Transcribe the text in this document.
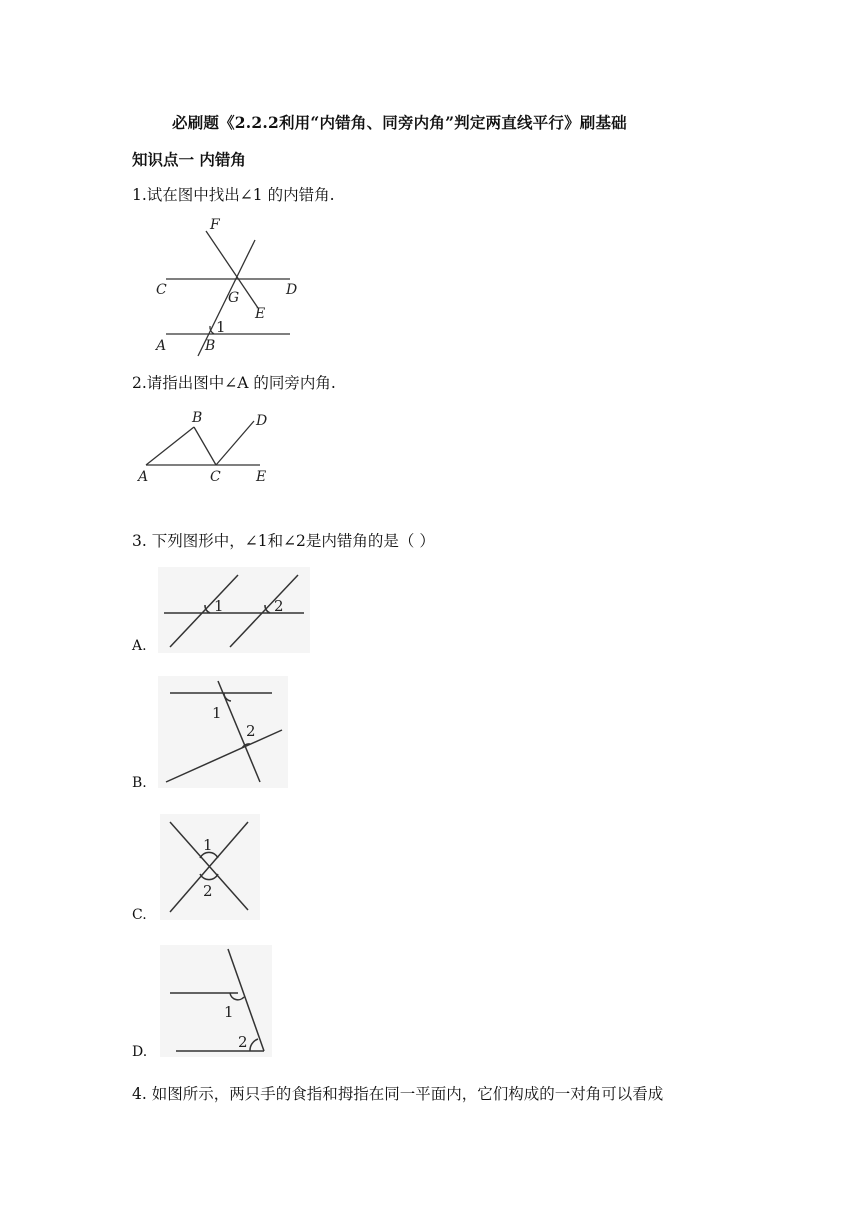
必刷题《2.2.2利用“内错角、同旁内角”判定两直线平行》刷基础
知识点一 内错角
1.试在图中找出∠1 的内错角.
F
C	D
G
E
1
A	B
2.请指出图中∠A 的同旁内角.
B	D
A	C	E
3. 下列图形中，∠1和∠2是内错角的是（ ）
A.
1	2
B.
1
2
C.
1
2
D.
1
2
4. 如图所示，两只手的食指和拇指在同一平面内，它们构成的一对角可以看成
